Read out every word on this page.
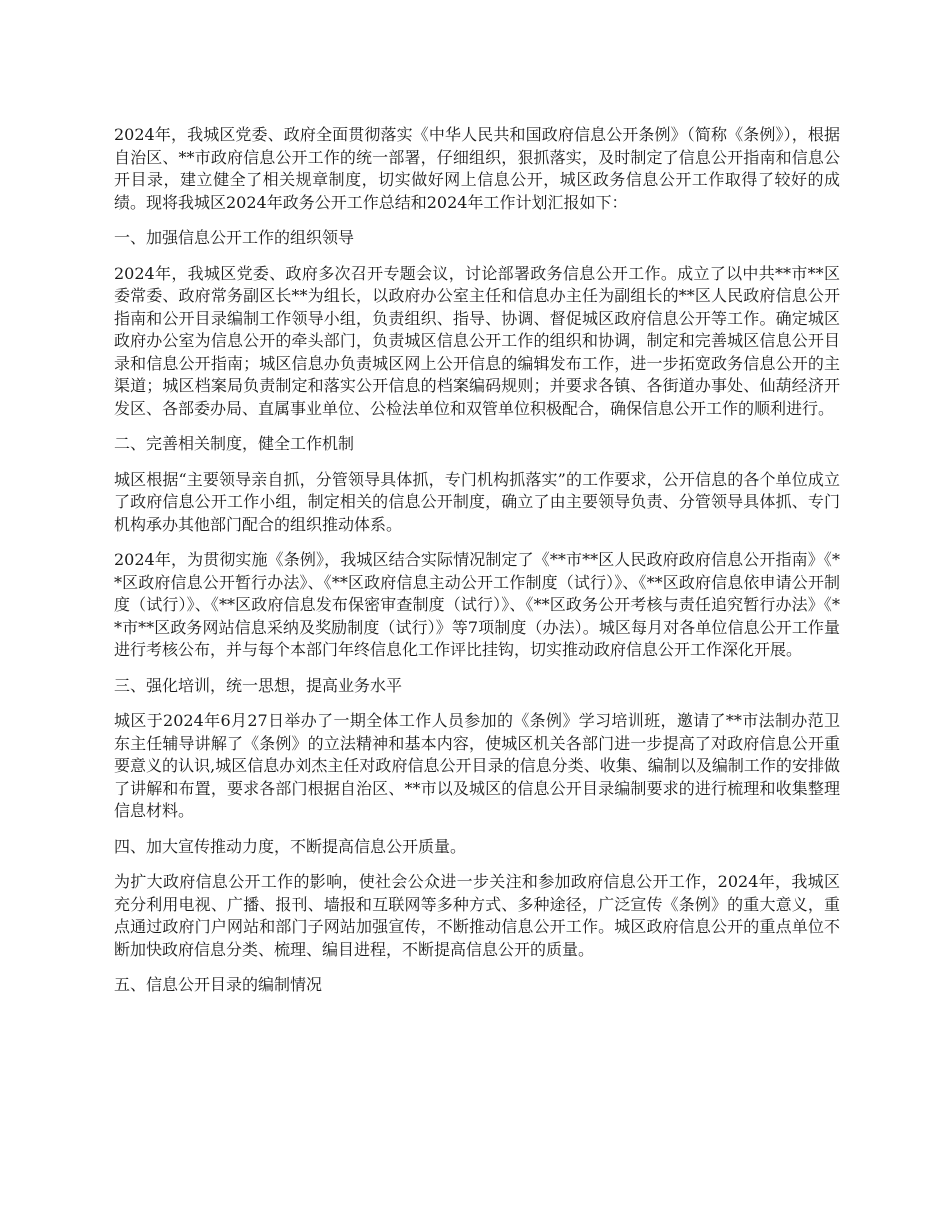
2024年，我城区党委、政府全面贯彻落实《中华人民共和国政府信息公开条例》（简称《条例》），根据自治区、**市政府信息公开工作的统一部署，仔细组织，狠抓落实，及时制定了信息公开指南和信息公开目录，建立健全了相关规章制度，切实做好网上信息公开，城区政务信息公开工作取得了较好的成绩。现将我城区2024年政务公开工作总结和2024年工作计划汇报如下：

一、加强信息公开工作的组织领导

2024年，我城区党委、政府多次召开专题会议，讨论部署政务信息公开工作。成立了以中共**市**区委常委、政府常务副区长**为组长，以政府办公室主任和信息办主任为副组长的**区人民政府信息公开指南和公开目录编制工作领导小组，负责组织、指导、协调、督促城区政府信息公开等工作。确定城区政府办公室为信息公开的牵头部门，负责城区信息公开工作的组织和协调，制定和完善城区信息公开目录和信息公开指南；城区信息办负责城区网上公开信息的编辑发布工作，进一步拓宽政务信息公开的主渠道；城区档案局负责制定和落实公开信息的档案编码规则；并要求各镇、各街道办事处、仙葫经济开发区、各部委办局、直属事业单位、公检法单位和双管单位积极配合，确保信息公开工作的顺利进行。

二、完善相关制度，健全工作机制

城区根据“主要领导亲自抓，分管领导具体抓，专门机构抓落实”的工作要求，公开信息的各个单位成立了政府信息公开工作小组，制定相关的信息公开制度，确立了由主要领导负责、分管领导具体抓、专门机构承办其他部门配合的组织推动体系。

2024年，为贯彻实施《条例》，我城区结合实际情况制定了《**市**区人民政府政府信息公开指南》《**区政府信息公开暂行办法》、《**区政府信息主动公开工作制度（试行）》、《**区政府信息依申请公开制度（试行）》、《**区政府信息发布保密审查制度（试行）》、《**区政务公开考核与责任追究暂行办法》《**市**区政务网站信息采纳及奖励制度（试行）》等7项制度（办法）。城区每月对各单位信息公开工作量进行考核公布，并与每个本部门年终信息化工作评比挂钩，切实推动政府信息公开工作深化开展。

三、强化培训，统一思想，提高业务水平

城区于2024年6月27日举办了一期全体工作人员参加的《条例》学习培训班，邀请了**市法制办范卫东主任辅导讲解了《条例》的立法精神和基本内容，使城区机关各部门进一步提高了对政府信息公开重要意义的认识,城区信息办刘杰主任对政府信息公开目录的信息分类、收集、编制以及编制工作的安排做了讲解和布置，要求各部门根据自治区、**市以及城区的信息公开目录编制要求的进行梳理和收集整理信息材料。

四、加大宣传推动力度，不断提高信息公开质量。

为扩大政府信息公开工作的影响，使社会公众进一步关注和参加政府信息公开工作，2024年，我城区充分利用电视、广播、报刊、墙报和互联网等多种方式、多种途径，广泛宣传《条例》的重大意义，重点通过政府门户网站和部门子网站加强宣传，不断推动信息公开工作。城区政府信息公开的重点单位不断加快政府信息分类、梳理、编目进程，不断提高信息公开的质量。

五、信息公开目录的编制情况
